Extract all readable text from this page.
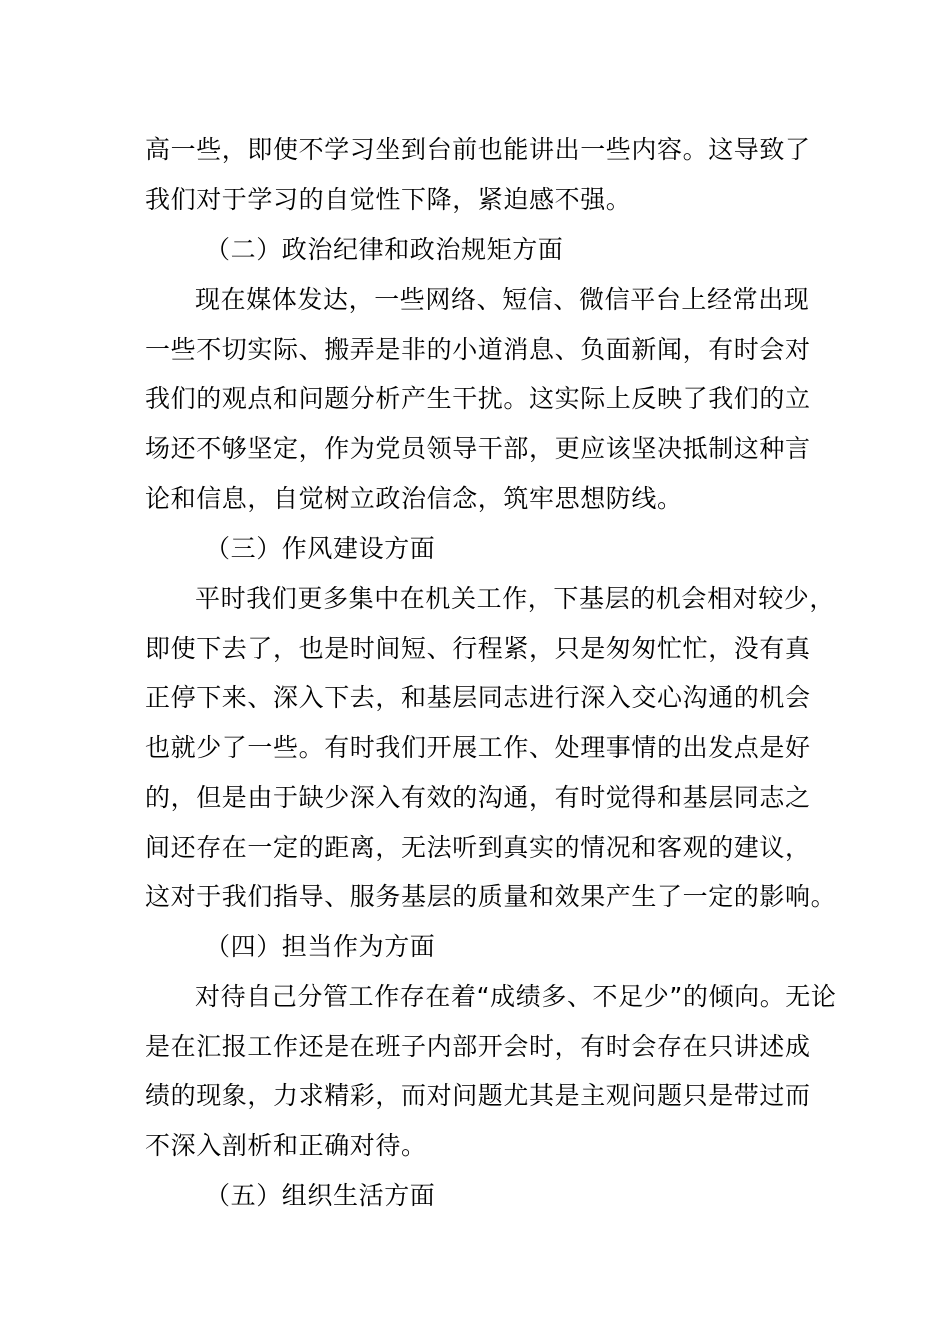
高一些，即使不学习坐到台前也能讲出一些内容。这导致了
我们对于学习的自觉性下降，紧迫感不强。
（二）政治纪律和政治规矩方面
现在媒体发达，一些网络、短信、微信平台上经常出现
一些不切实际、搬弄是非的小道消息、负面新闻，有时会对
我们的观点和问题分析产生干扰。这实际上反映了我们的立
场还不够坚定，作为党员领导干部，更应该坚决抵制这种言
论和信息，自觉树立政治信念，筑牢思想防线。
（三）作风建设方面
平时我们更多集中在机关工作，下基层的机会相对较少，
即使下去了，也是时间短、行程紧，只是匆匆忙忙，没有真
正停下来、深入下去，和基层同志进行深入交心沟通的机会
也就少了一些。有时我们开展工作、处理事情的出发点是好
的，但是由于缺少深入有效的沟通，有时觉得和基层同志之
间还存在一定的距离，无法听到真实的情况和客观的建议，
这对于我们指导、服务基层的质量和效果产生了一定的影响。
（四）担当作为方面
对待自己分管工作存在着“成绩多、不足少”的倾向。无论
是在汇报工作还是在班子内部开会时，有时会存在只讲述成
绩的现象，力求精彩，而对问题尤其是主观问题只是带过而
不深入剖析和正确对待。
（五）组织生活方面
